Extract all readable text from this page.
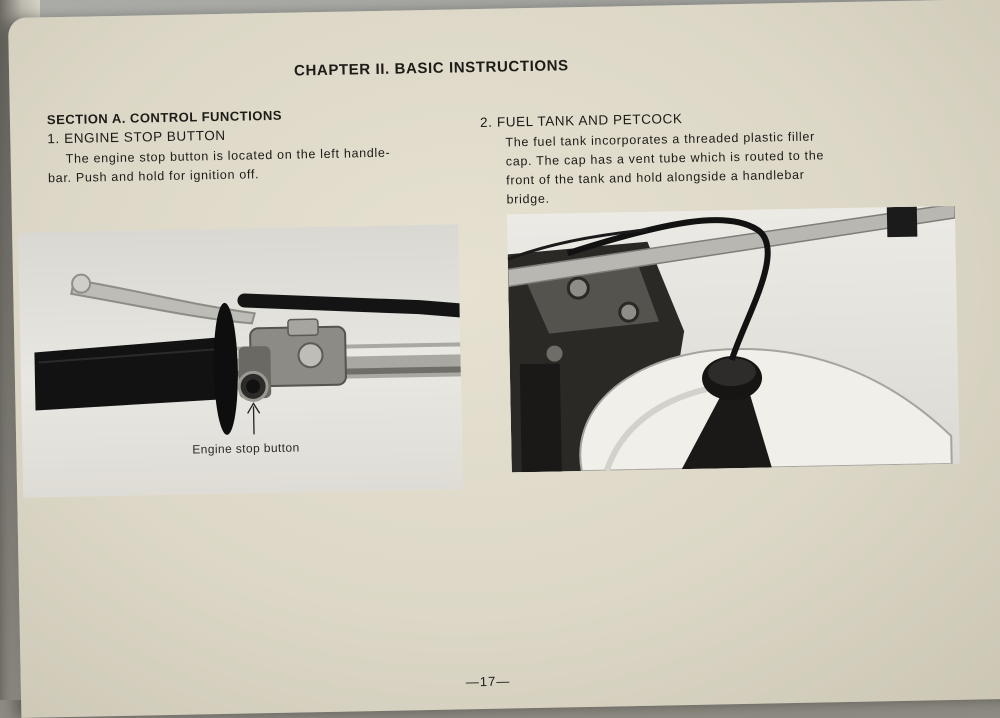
CHAPTER II. BASIC INSTRUCTIONS
SECTION A. CONTROL FUNCTIONS
1. ENGINE STOP BUTTON
The engine stop button is located on the left handle-
bar. Push and hold for ignition off.
2. FUEL TANK AND PETCOCK
The fuel tank incorporates a threaded plastic filler
cap. The cap has a vent tube which is routed to the
front of the tank and hold alongside a handlebar
bridge.
Engine stop button
—17—
